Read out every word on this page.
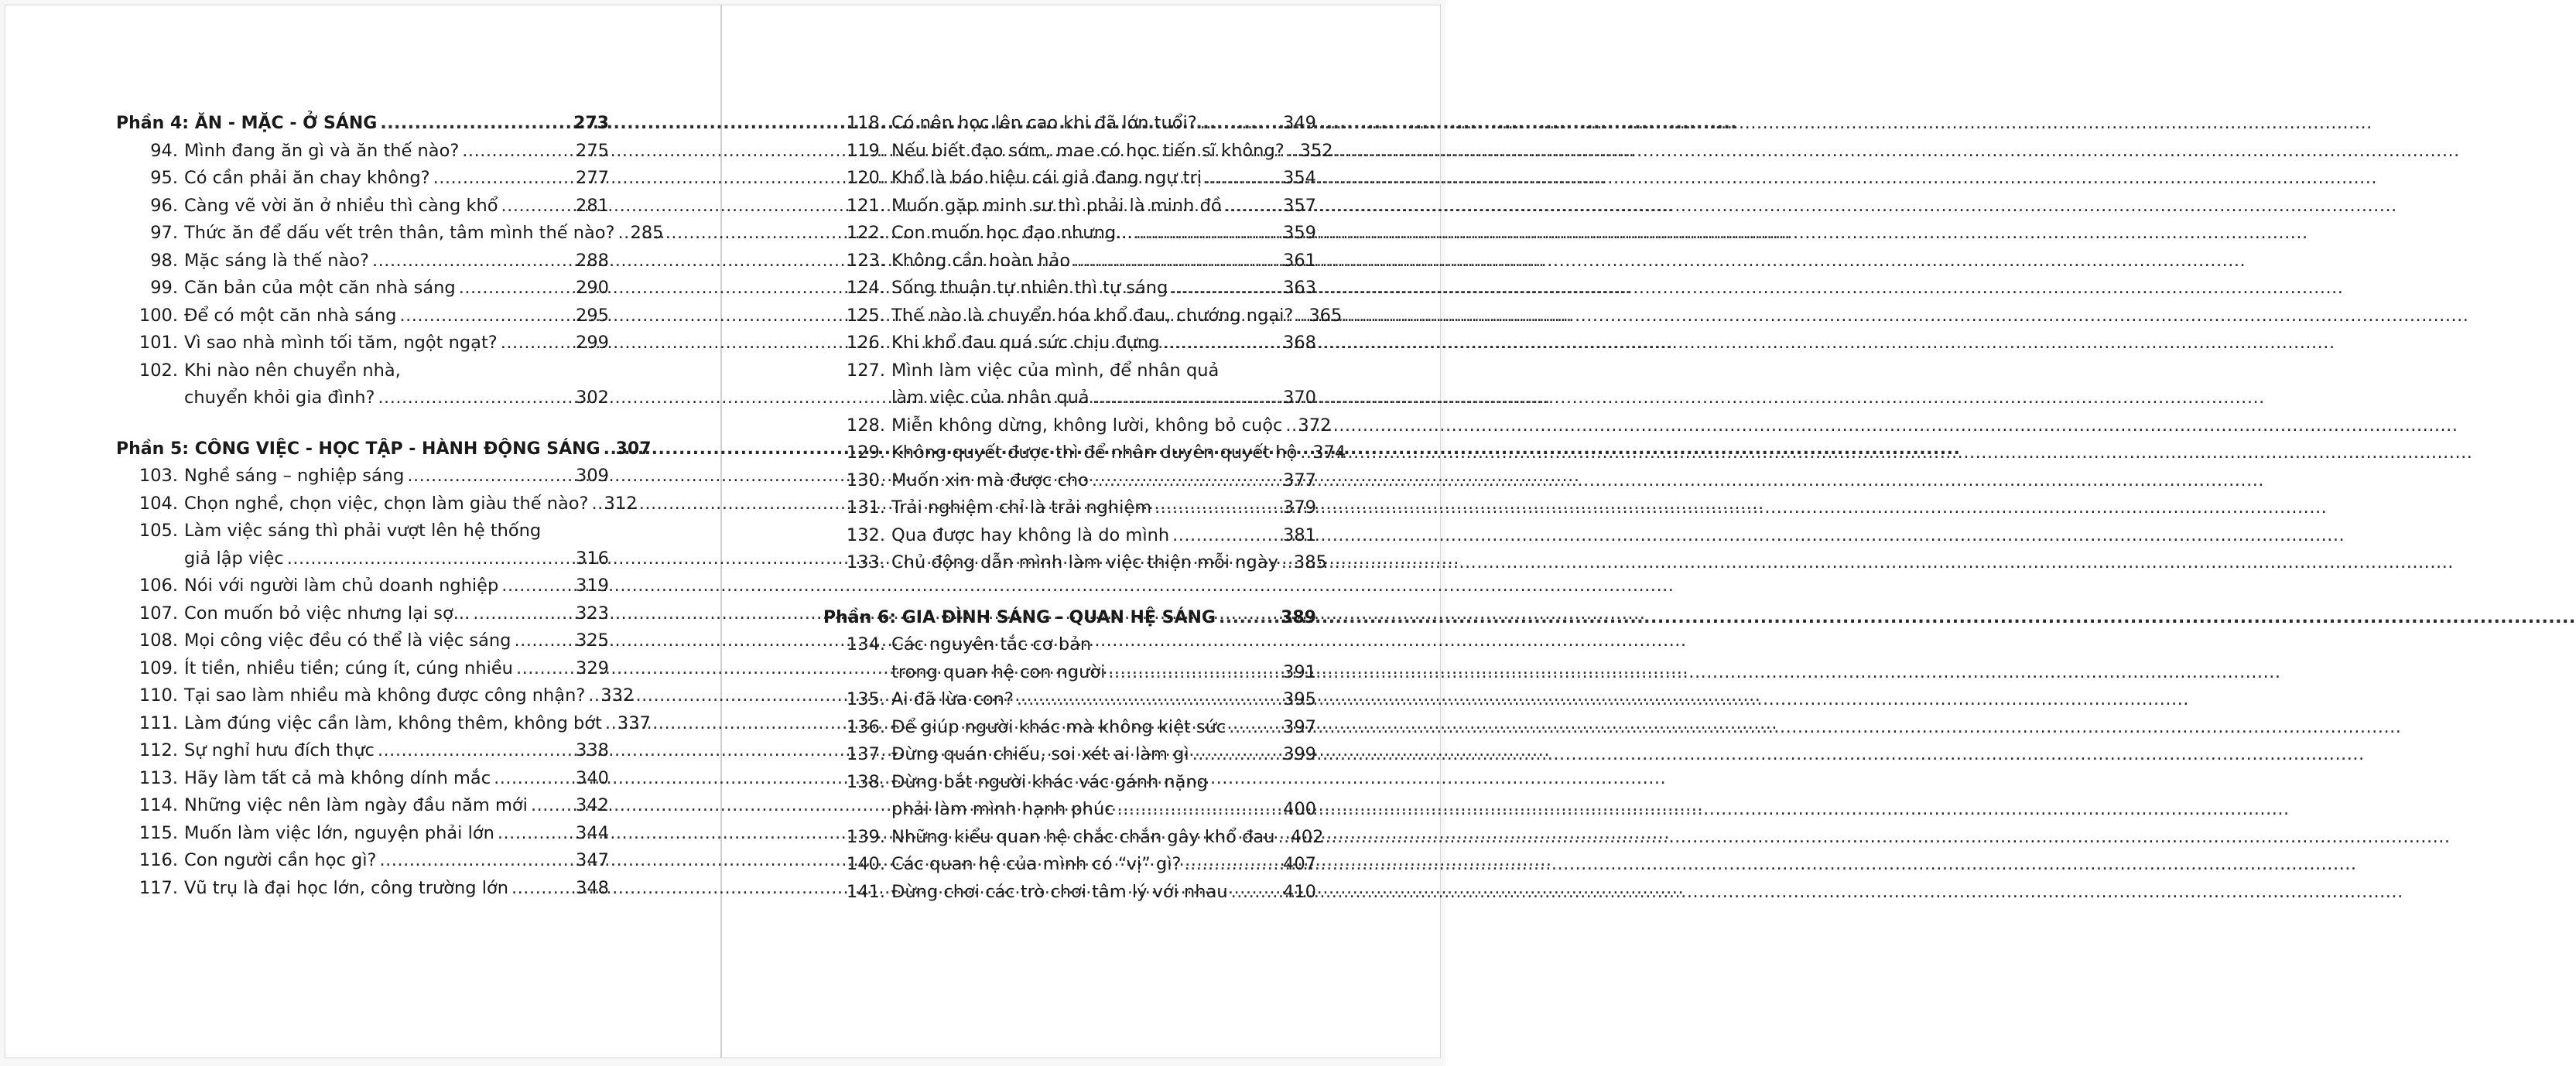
Phần 4: ĂN - MẶC - Ở SÁNG .....	273
94. Mình đang ăn gì và ăn thế nào? .....	275
95. Có cần phải ăn chay không? .....	277
96. Càng vẽ vời ăn ở nhiều thì càng khổ .....	281
97. Thức ăn để dấu vết trên thân, tâm mình thế nào? ..... 285
98. Mặc sáng là thế nào? .....	288
99. Căn bản của một căn nhà sáng .....	290
100. Để có một căn nhà sáng .....	295
101. Vì sao nhà mình tối tăm, ngột ngạt? .....	299
102. Khi nào nên chuyển nhà,
chuyển khỏi gia đình? .....	302
Phần 5: CÔNG VIỆC - HỌC TẬP - HÀNH ĐỘNG SÁNG ..... 307
103. Nghề sáng – nghiệp sáng .....	309
104. Chọn nghề, chọn việc, chọn làm giàu thế nào? ..... 312
105. Làm việc sáng thì phải vượt lên hệ thống
giả lập việc .....	316
106. Nói với người làm chủ doanh nghiệp .....	319
107. Con muốn bỏ việc nhưng lại sợ... .....	323
108. Mọi công việc đều có thể là việc sáng .....	325
109. Ít tiền, nhiều tiền; cúng ít, cúng nhiều .....	329
110. Tại sao làm nhiều mà không được công nhận? ..... 332
111. Làm đúng việc cần làm, không thêm, không bớt ..... 337
112. Sự nghỉ hưu đích thực .....	338
113. Hãy làm tất cả mà không dính mắc .....	340
114. Những việc nên làm ngày đầu năm mới .....	342
115. Muốn làm việc lớn, nguyện phải lớn .....	344
116. Con người cần học gì? .....	347
117. Vũ trụ là đại học lớn, công trường lớn .....	348
118. Có nên học lên cao khi đã lớn tuổi? .....	349
119. Nếu biết đạo sớm, mae có học tiến sĩ không? ..... 352
120. Khổ là báo hiệu cái giả đang ngự trị .....	354
121. Muốn gặp minh sư thì phải là minh đồ .....	357
122. Con muốn học đạo nhưng... .....	359
123. Không cần hoàn hảo .....	361
124. Sống thuận tự nhiên thì tự sáng .....	363
125. Thế nào là chuyển hóa khổ đau, chướng ngại? ..... 365
126. Khi khổ đau quá sức chịu đựng .....	368
127. Mình làm việc của mình, để nhân quả
làm việc của nhân quả .....	370
128. Miễn không dừng, không lười, không bỏ cuộc ..... 372
129. Không quyết được thì để nhân duyên quyết hộ ..... 374
130. Muốn xin mà được cho .....	377
131. Trải nghiệm chỉ là trải nghiệm .....	379
132. Qua được hay không là do mình .....	381
133. Chủ động dẫn mình làm việc thiện mỗi ngày ..... 385
Phần 6: GIA ĐÌNH SÁNG - QUAN HỆ SÁNG .....	389
134. Các nguyên tắc cơ bản
trong quan hệ con người .....	391
135. Ai đã lừa con? .....	395
136. Để giúp người khác mà không kiệt sức .....	397
137. Đừng quán chiếu, soi xét ai làm gì .....	399
138. Đừng bắt người khác vác gánh nặng
phải làm mình hạnh phúc .....	400
139. Những kiểu quan hệ chắc chắn gây khổ đau ..... 402
140. Các quan hệ của mình có “vị” gì? .....	407
141. Đừng chơi các trò chơi tâm lý với nhau .....	410
